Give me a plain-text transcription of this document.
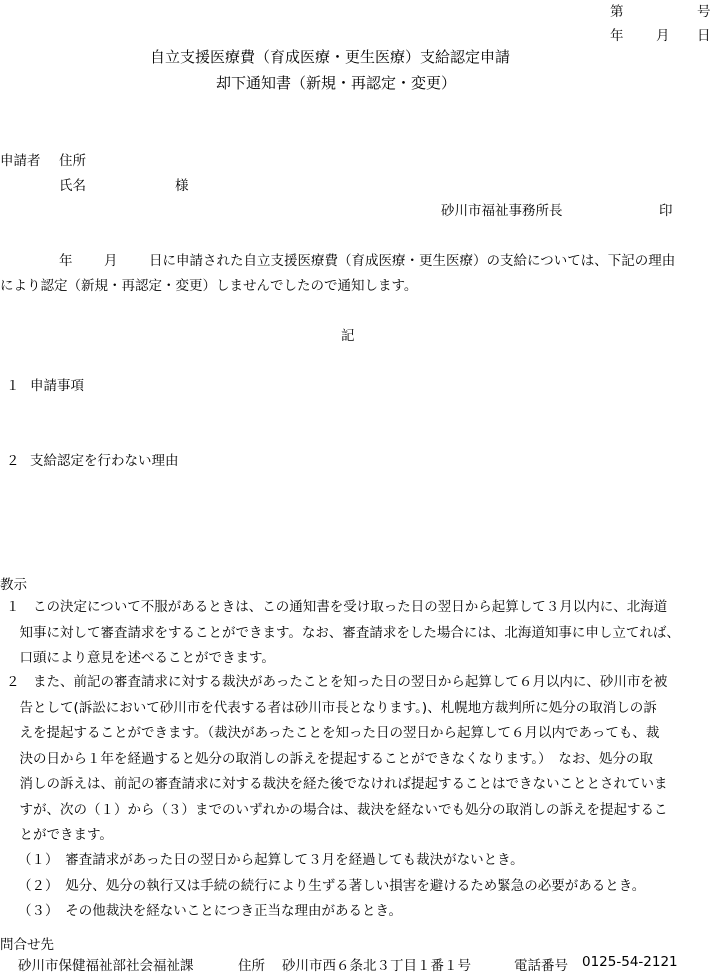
第	号
年 月 日
自立支援医療費（育成医療・更生医療）支給認定申請
却下通知書（新規・再認定・変更）
申請者 住所
氏名	様
砂川市福祉事務所長	印
年 月 日に申請された自立支援医療費（育成医療・更生医療）の支給については、下記の理由
により認定（新規・再認定・変更）しませんでしたので通知します。
記
１ 申請事項
２ 支給認定を行わない理由
教示
１　この決定について不服があるときは、この通知書を受け取った日の翌日から起算して３月以内に、北海道
　知事に対して審査請求をすることができます。なお、審査請求をした場合には、北海道知事に申し立てれば、
　口頭により意見を述べることができます。
２　また、前記の審査請求に対する裁決があったことを知った日の翌日から起算して６月以内に、砂川市を被
　告として(訴訟において砂川市を代表する者は砂川市長となります。)、札幌地方裁判所に処分の取消しの訴
　えを提起することができます。（裁決があったことを知った日の翌日から起算して６月以内であっても、裁
　決の日から１年を経過すると処分の取消しの訴えを提起することができなくなります。）　なお、処分の取
　消しの訴えは、前記の審査請求に対する裁決を経た後でなければ提起することはできないこととされていま
　すが、次の（１）から（３）までのいずれかの場合は、裁決を経ないでも処分の取消しの訴えを提起するこ
　とができます。
（１）　審査請求があった日の翌日から起算して３月を経過しても裁決がないとき。
（２）　処分、処分の執行又は手続の続行により生ずる著しい損害を避けるため緊急の必要があるとき。
（３）　その他裁決を経ないことにつき正当な理由があるとき。
問合せ先
砂川市保健福祉部社会福祉課	住所 砂川市西６条北３丁目１番１号	電話番号 0125-54-2121
